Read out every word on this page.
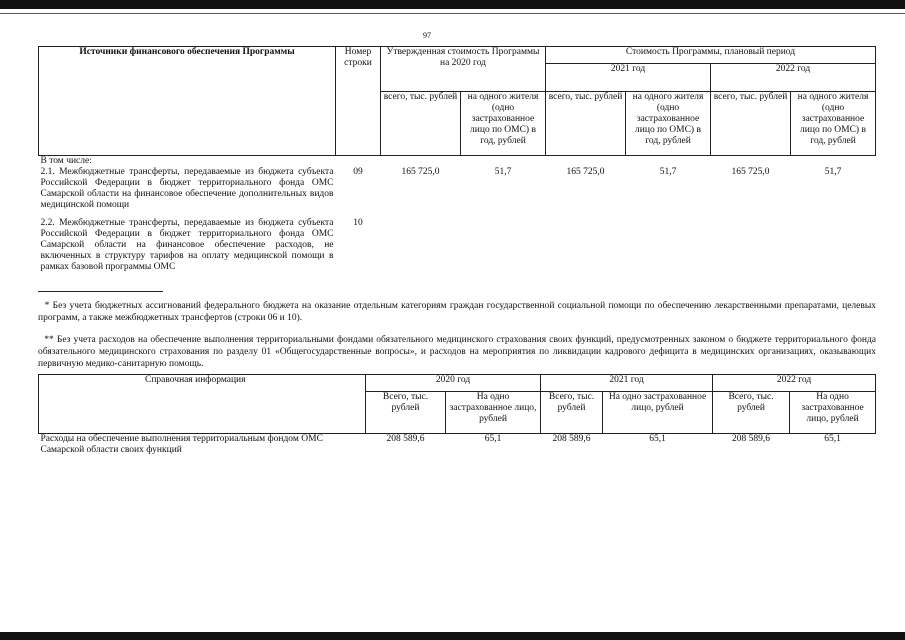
97
Источники финансового обеспечения Программы	Номер строки	Утвержденная стоимость Программы на 2020 год		Стоимость Программы, плановый период			
				2021 год		2022 год	
		всего, тыс. рублей	на одного жителя (одно застрахованное лицо по ОМС) в год, рублей	всего, тыс. рублей	на одного жителя (одно застрахованное лицо по ОМС) в год, рублей	всего, тыс. рублей	на одного жителя (одно застрахованное лицо по ОМС) в год, рублей
В том числе:							
2.1. Межбюджетные трансферты, передаваемые из бюджета субъекта Российской Федерации в бюджет территориального фонда ОМС Самарской области на финансовое обеспечение дополнительных видов медицинской помощи	09	165 725,0	51,7	165 725,0	51,7	165 725,0	51,7

2.2. Межбюджетные трансферты, передаваемые из бюджета субъекта Российской Федерации в бюджет территориального фонда ОМС Самарской области на финансовое обеспечение расходов, не включенных в структуру тарифов на оплату медицинской помощи в рамках базовой программы ОМС	10						
* Без учета бюджетных ассигнований федерального бюджета на оказание отдельным категориям граждан государственной социальной помощи по обеспечению лекарственными препаратами, целевых программ, а также межбюджетных трансфертов (строки 06 и 10).
** Без учета расходов на обеспечение выполнения территориальными фондами обязательного медицинского страхования своих функций, предусмотренных законом о бюджете территориального фонда обязательного медицинского страхования по разделу 01 «Общегосударственные вопросы», и расходов на мероприятия по ликвидации кадрового дефицита в медицинских организациях, оказывающих первичную медико-санитарную помощь.
Справочная информация	2020 год		2021 год		2022 год	
	Всего, тыс. рублей	На одно застрахованное лицо, рублей	Всего, тыс. рублей	На одно застрахованное лицо, рублей	Всего, тыс. рублей	На одно застрахованное лицо, рублей
Расходы на обеспечение выполнения территориальным фондом ОМС Самарской области своих функций	208 589,6	65,1	208 589,6	65,1	208 589,6	65,1
